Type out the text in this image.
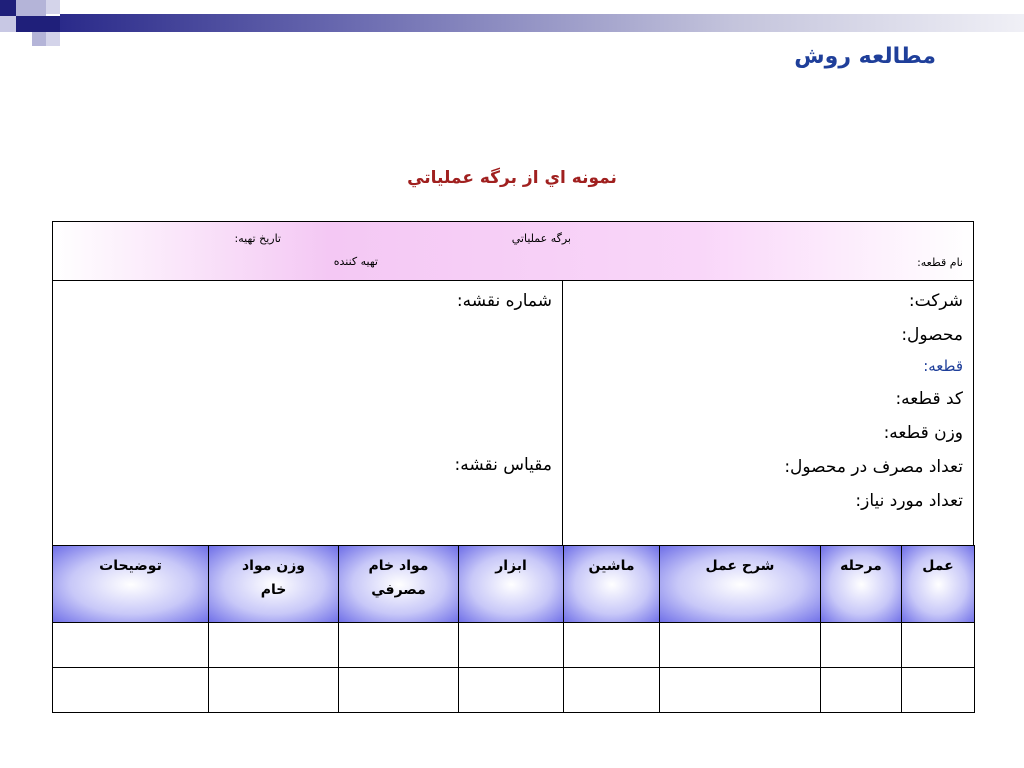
مطالعه روش
نمونه اي از برگه عملياتي
برگه عملياتي
تاريخ تهيه:
تهيه كننده	نام قطعه:
شركت:
محصول:
قطعه:
كد قطعه:
وزن قطعه:
تعداد مصرف در محصول:
تعداد مورد نياز:
شماره نقشه:
مقياس نقشه:
عمل	مرحله	شرح عمل	ماشين	ابزار	مواد خام مصرفي	وزن مواد خام	توضيحات
